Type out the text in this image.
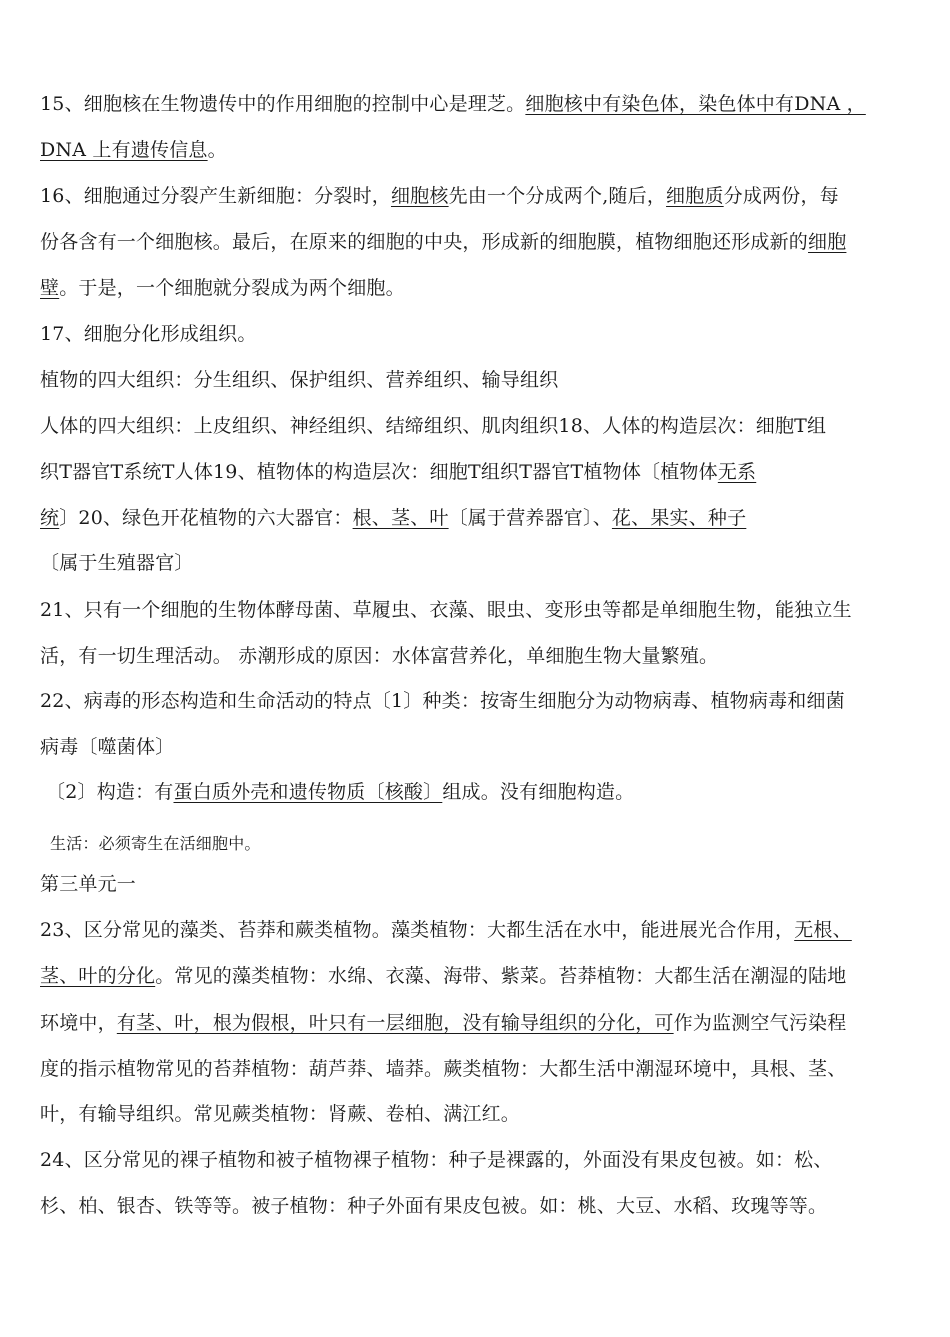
15、细胞核在生物遗传中的作用细胞的控制中心是理芝。细胞核中有染色体，染色体中有DNA ，
DNA 上有遗传信息。
16、细胞通过分裂产生新细胞：分裂时，细胞核先由一个分成两个,随后，细胞质分成两份，每
份各含有一个细胞核。最后，在原来的细胞的中央，形成新的细胞膜，植物细胞还形成新的细胞
壁。于是，一个细胞就分裂成为两个细胞。
17、细胞分化形成组织。
植物的四大组织：分生组织、保护组织、营养组织、输导组织
人体的四大组织：上皮组织、神经组织、结缔组织、肌肉组织18、人体的构造层次：细胞T组
织T器官T系统T人体19、植物体的构造层次：细胞T组织T器官T植物体〔植物体无系
统〕20、绿色开花植物的六大器官：根、茎、叶〔属于营养器官〕、花、果实、种子
〔属于生殖器官〕
21、只有一个细胞的生物体酵母菌、草履虫、衣藻、眼虫、变形虫等都是单细胞生物，能独立生
活，有一切生理活动。 赤潮形成的原因：水体富营养化，单细胞生物大量繁殖。
22、病毒的形态构造和生命活动的特点〔1〕种类：按寄生细胞分为动物病毒、植物病毒和细菌
病毒〔噬菌体〕
〔2〕构造：有蛋白质外壳和遗传物质〔核酸〕组成。没有细胞构造。
生活：必须寄生在活细胞中。
第三单元一
23、区分常见的藻类、苔莽和蕨类植物。藻类植物：大都生活在水中，能进展光合作用，无根、
茎、叶的分化。常见的藻类植物：水绵、衣藻、海带、紫菜。苔莽植物：大都生活在潮湿的陆地
环境中，有茎、叶，根为假根，叶只有一层细胞，没有输导组织的分化，可作为监测空气污染程
度的指示植物常见的苔莽植物：葫芦莽、墙莽。蕨类植物：大都生活中潮湿环境中，具根、茎、
叶，有输导组织。常见蕨类植物：肾蕨、卷柏、满江红。
24、区分常见的裸子植物和被子植物裸子植物：种子是裸露的，外面没有果皮包被。如：松、
杉、柏、银杏、铁等等。被子植物：种子外面有果皮包被。如：桃、大豆、水稻、玫瑰等等。
